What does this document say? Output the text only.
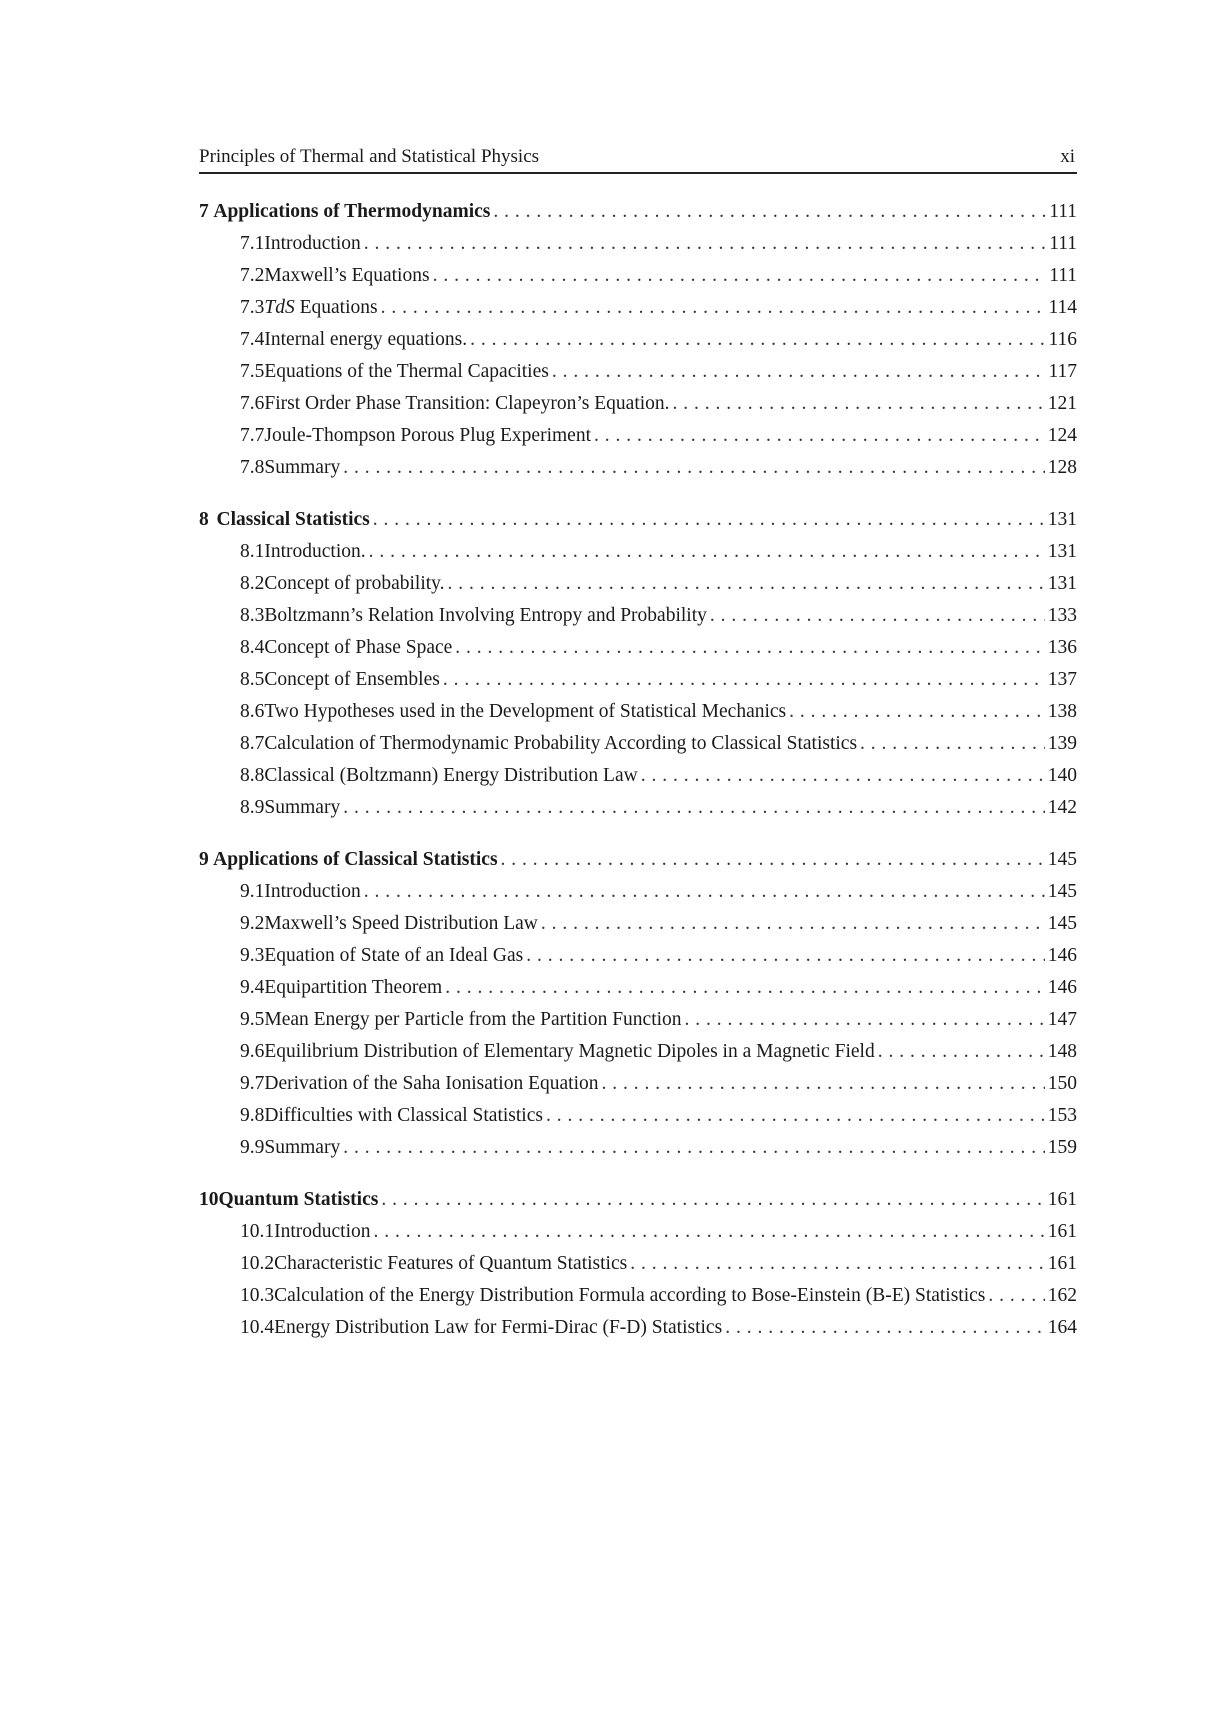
Principles of Thermal and Statistical Physics	xi
7 Applications of Thermodynamics . . .	111
7.1 Introduction . . .	111
7.2 Maxwell’s Equations . . .	111
7.3 TdS Equations . . .	114
7.4 Internal energy equations. . . .	116
7.5 Equations of the Thermal Capacities . . .	117
7.6 First Order Phase Transition: Clapeyron’s Equation. . . .	121
7.7 Joule-Thompson Porous Plug Experiment . . .	124
7.8 Summary . . .	128
8 Classical Statistics . . .	131
8.1 Introduction. . . .	131
8.2 Concept of probability. . . .	131
8.3 Boltzmann’s Relation Involving Entropy and Probability . . .	133
8.4 Concept of Phase Space . . .	136
8.5 Concept of Ensembles . . .	137
8.6 Two Hypotheses used in the Development of Statistical Mechanics . . .	138
8.7 Calculation of Thermodynamic Probability According to Classical Statistics . . .	139
8.8 Classical (Boltzmann) Energy Distribution Law . . .	140
8.9 Summary . . .	142
9 Applications of Classical Statistics . . .	145
9.1 Introduction . . .	145
9.2 Maxwell’s Speed Distribution Law . . .	145
9.3 Equation of State of an Ideal Gas . . .	146
9.4 Equipartition Theorem . . .	146
9.5 Mean Energy per Particle from the Partition Function . . .	147
9.6 Equilibrium Distribution of Elementary Magnetic Dipoles in a Magnetic Field . . .	148
9.7 Derivation of the Saha Ionisation Equation . . .	150
9.8 Difficulties with Classical Statistics . . .	153
9.9 Summary . . .	159
10 Quantum Statistics . . .	161
10.1 Introduction . . .	161
10.2 Characteristic Features of Quantum Statistics . . .	161
10.3 Calculation of the Energy Distribution Formula according to Bose-Einstein (B-E) Statistics . . .	162
10.4 Energy Distribution Law for Fermi-Dirac (F-D) Statistics . . .	164
